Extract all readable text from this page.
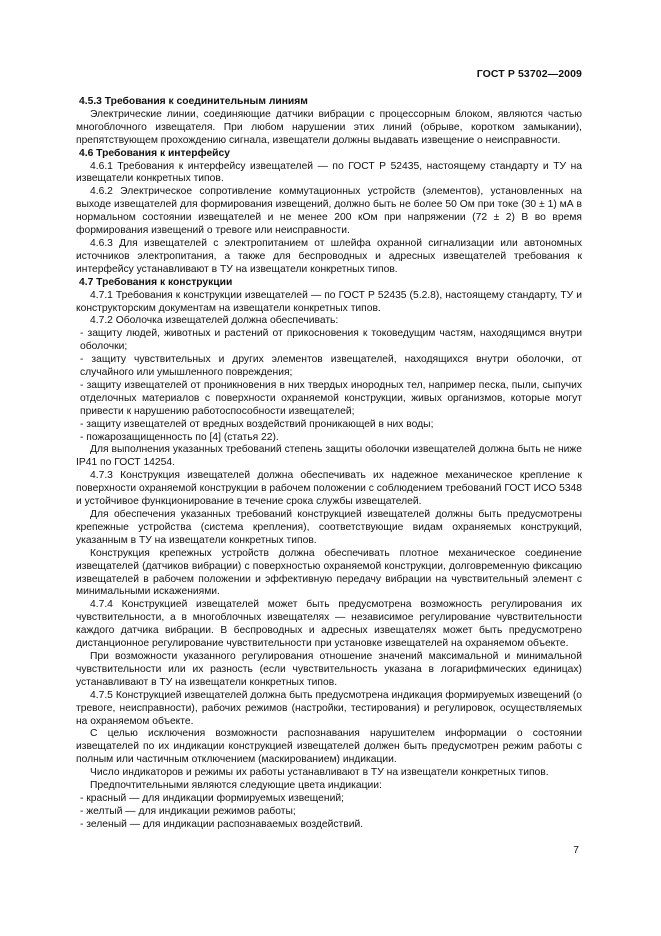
ГОСТ Р 53702—2009

4.5.3 Требования к соединительным линиям

Электрические линии, соединяющие датчики вибрации с процессорным блоком, являются частью многоблочного извещателя. При любом нарушении этих линий (обрыве, коротком замыкании), препятствующем прохождению сигнала, извещатели должны выдавать извещение о неисправности.

4.6 Требования к интерфейсу

4.6.1 Требования к интерфейсу извещателей — по ГОСТ Р 52435, настоящему стандарту и ТУ на извещатели конкретных типов.

4.6.2 Электрическое сопротивление коммутационных устройств (элементов), установленных на выходе извещателей для формирования извещений, должно быть не более 50 Ом при токе (30 ± 1) мА в нормальном состоянии извещателей и не менее 200 кОм при напряжении (72 ± 2) В во время формирования извещений о тревоге или неисправности.

4.6.3 Для извещателей с электропитанием от шлейфа охранной сигнализации или автономных источников электропитания, а также для беспроводных и адресных извещателей требования к интерфейсу устанавливают в ТУ на извещатели конкретных типов.

4.7 Требования к конструкции

4.7.1 Требования к конструкции извещателей — по ГОСТ Р 52435 (5.2.8), настоящему стандарту, ТУ и конструкторским документам на извещатели конкретных типов.

4.7.2 Оболочка извещателей должна обеспечивать:

- защиту людей, животных и растений от прикосновения к токоведущим частям, находящимся внутри оболочки;

- защиту чувствительных и других элементов извещателей, находящихся внутри оболочки, от случайного или умышленного повреждения;

- защиту извещателей от проникновения в них твердых инородных тел, например песка, пыли, сыпучих отделочных материалов с поверхности охраняемой конструкции, живых организмов, которые могут привести к нарушению работоспособности извещателей;

- защиту извещателей от вредных воздействий проникающей в них воды;

- пожарозащищенность по [4] (статья 22).

Для выполнения указанных требований степень защиты оболочки извещателей должна быть не ниже IP41 по ГОСТ 14254.

4.7.3 Конструкция извещателей должна обеспечивать их надежное механическое крепление к поверхности охраняемой конструкции в рабочем положении с соблюдением требований ГОСТ ИСО 5348 и устойчивое функционирование в течение срока службы извещателей.

Для обеспечения указанных требований конструкцией извещателей должны быть предусмотрены крепежные устройства (система крепления), соответствующие видам охраняемых конструкций, указанным в ТУ на извещатели конкретных типов.

Конструкция крепежных устройств должна обеспечивать плотное механическое соединение извещателей (датчиков вибрации) с поверхностью охраняемой конструкции, долговременную фиксацию извещателей в рабочем положении и эффективную передачу вибрации на чувствительный элемент с минимальными искажениями.

4.7.4 Конструкцией извещателей может быть предусмотрена возможность регулирования их чувствительности, а в многоблочных извещателях — независимое регулирование чувствительности каждого датчика вибрации. В беспроводных и адресных извещателях может быть предусмотрено дистанционное регулирование чувствительности при установке извещателей на охраняемом объекте.

При возможности указанного регулирования отношение значений максимальной и минимальной чувствительности или их разность (если чувствительность указана в логарифмических единицах) устанавливают в ТУ на извещатели конкретных типов.

4.7.5 Конструкцией извещателей должна быть предусмотрена индикация формируемых извещений (о тревоге, неисправности), рабочих режимов (настройки, тестирования) и регулировок, осуществляемых на охраняемом объекте.

С целью исключения возможности распознавания нарушителем информации о состоянии извещателей по их индикации конструкцией извещателей должен быть предусмотрен режим работы с полным или частичным отключением (маскированием) индикации.

Число индикаторов и режимы их работы устанавливают в ТУ на извещатели конкретных типов.

Предпочтительными являются следующие цвета индикации:

- красный — для индикации формируемых извещений;

- желтый — для индикации режимов работы;

- зеленый — для индикации распознаваемых воздействий.

7
